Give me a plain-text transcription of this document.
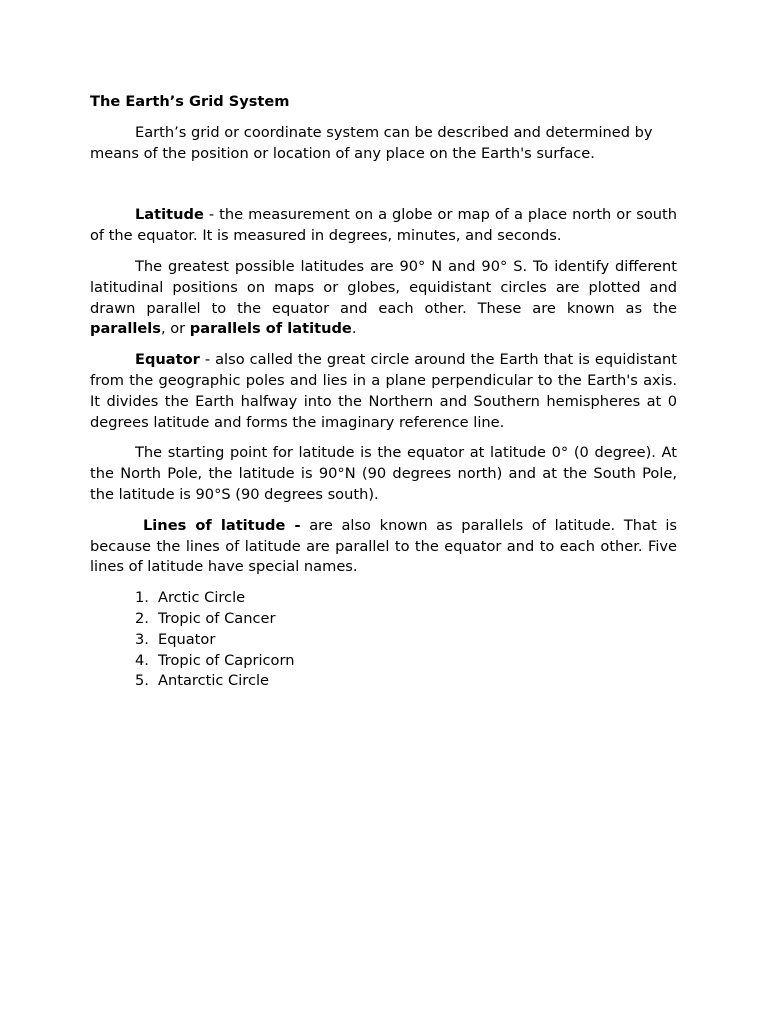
The Earth’s Grid System

Earth’s grid or coordinate system can be described and determined by means of the position or location of any place on the Earth's surface.

Latitude - the measurement on a globe or map of a place north or south of the equator. It is measured in degrees, minutes, and seconds.

The greatest possible latitudes are 90° N and 90° S. To identify different latitudinal positions on maps or globes, equidistant circles are plotted and drawn parallel to the equator and each other. These are known as the parallels, or parallels of latitude.

Equator - also called the great circle around the Earth that is equidistant from the geographic poles and lies in a plane perpendicular to the Earth's axis. It divides the Earth halfway into the Northern and Southern hemispheres at 0 degrees latitude and forms the imaginary reference line.

The starting point for latitude is the equator at latitude 0° (0 degree). At the North Pole, the latitude is 90°N (90 degrees north) and at the South Pole, the latitude is 90°S (90 degrees south).

Lines of latitude - are also known as parallels of latitude. That is because the lines of latitude are parallel to the equator and to each other. Five lines of latitude have special names.

1. Arctic Circle
2. Tropic of Cancer
3. Equator
4. Tropic of Capricorn
5. Antarctic Circle
